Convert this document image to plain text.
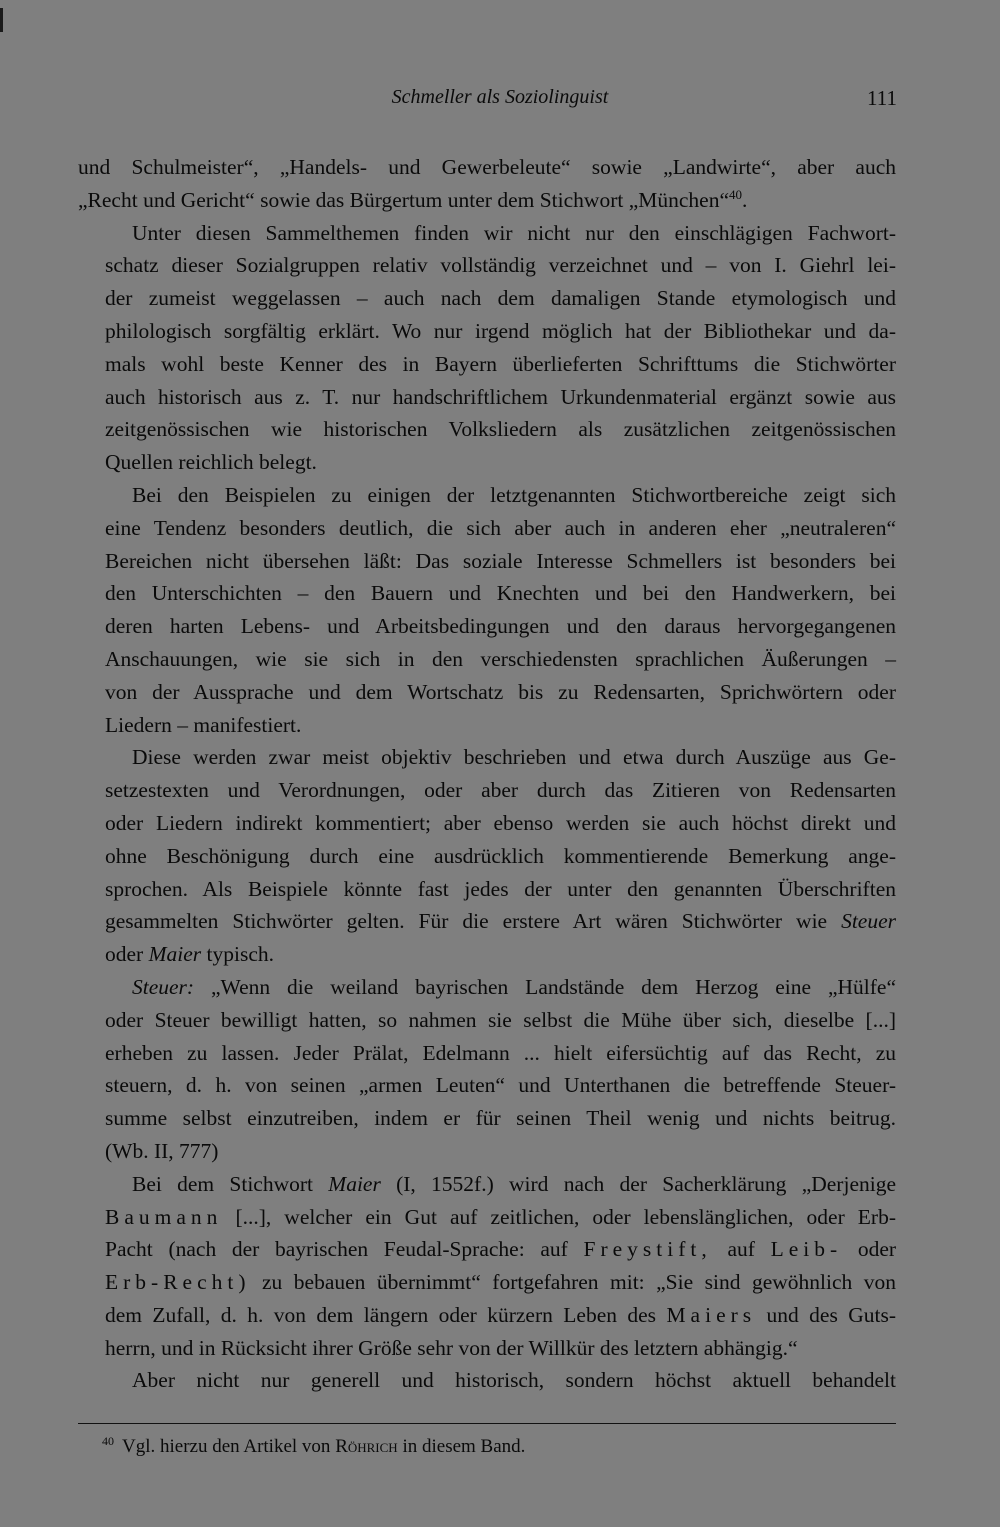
Schmeller als Soziolinguist	111

und Schulmeister“, „Handels- und Gewerbeleute“ sowie „Landwirte“, aber auch
„Recht und Gericht“ sowie das Bürgertum unter dem Stichwort „München“$^{40}$.

Unter diesen Sammelthemen finden wir nicht nur den einschlägigen Fachwort-
schatz dieser Sozialgruppen relativ vollständig verzeichnet und – von I. Giehrl lei-
der zumeist weggelassen – auch nach dem damaligen Stande etymologisch und
philologisch sorgfältig erklärt. Wo nur irgend möglich hat der Bibliothekar und da-
mals wohl beste Kenner des in Bayern überlieferten Schrifttums die Stichwörter
auch historisch aus z. T. nur handschriftlichem Urkundenmaterial ergänzt sowie aus
zeitgenössischen wie historischen Volksliedern als zusätzlichen zeitgenössischen
Quellen reichlich belegt.

Bei den Beispielen zu einigen der letztgenannten Stichwortbereiche zeigt sich
eine Tendenz besonders deutlich, die sich aber auch in anderen eher „neutraleren“
Bereichen nicht übersehen läßt: Das soziale Interesse Schmellers ist besonders bei
den Unterschichten – den Bauern und Knechten und bei den Handwerkern, bei
deren harten Lebens- und Arbeitsbedingungen und den daraus hervorgegangenen
Anschauungen, wie sie sich in den verschiedensten sprachlichen Äußerungen –
von der Aussprache und dem Wortschatz bis zu Redensarten, Sprichwörtern oder
Liedern – manifestiert.

Diese werden zwar meist objektiv beschrieben und etwa durch Auszüge aus Ge-
setzestexten und Verordnungen, oder aber durch das Zitieren von Redensarten
oder Liedern indirekt kommentiert; aber ebenso werden sie auch höchst direkt und
ohne Beschönigung durch eine ausdrücklich kommentierende Bemerkung ange-
sprochen. Als Beispiele könnte fast jedes der unter den genannten Überschriften
gesammelten Stichwörter gelten. Für die erstere Art wären Stichwörter wie Steuer
oder Maier typisch.

Steuer: „Wenn die weiland bayrischen Landstände dem Herzog eine „Hülfe“
oder Steuer bewilligt hatten, so nahmen sie selbst die Mühe über sich, dieselbe [...]
erheben zu lassen. Jeder Prälat, Edelmann ... hielt eifersüchtig auf das Recht, zu
steuern, d. h. von seinen „armen Leuten“ und Unterthanen die betreffende Steuer-
summe selbst einzutreiben, indem er für seinen Theil wenig und nichts beitrug.
(Wb. II, 777)

Bei dem Stichwort Maier (I, 1552f.) wird nach der Sacherklärung „Derjenige
Baumann [...], welcher ein Gut auf zeitlichen, oder lebenslänglichen, oder Erb-
Pacht (nach der bayrischen Feudal-Sprache: auf Freystift, auf Leib- oder
Erb-Recht) zu bebauen übernimmt“ fortgefahren mit: „Sie sind gewöhnlich von
dem Zufall, d. h. von dem längern oder kürzern Leben des Maiers und des Guts-
herrn, und in Rücksicht ihrer Größe sehr von der Willkür des letztern abhängig.“

Aber nicht nur generell und historisch, sondern höchst aktuell behandelt

$^{40}$ Vgl. hierzu den Artikel von Röhrich in diesem Band.
